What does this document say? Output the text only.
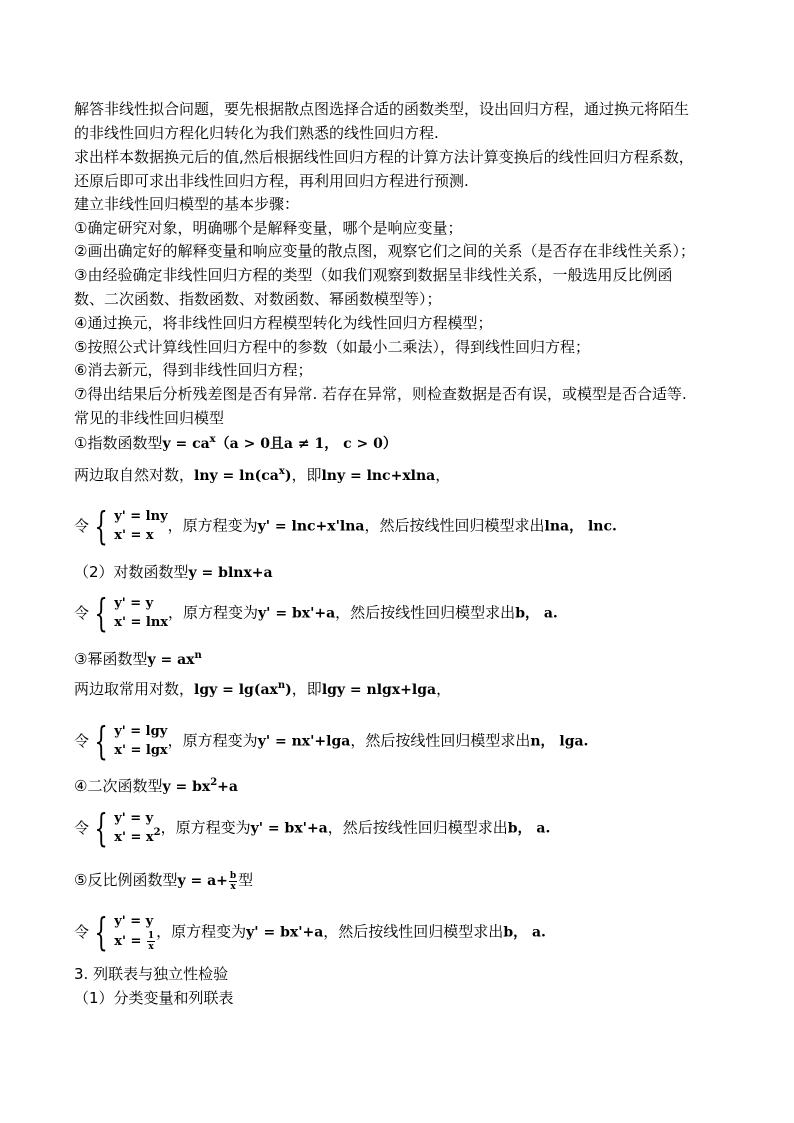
解答非线性拟合问题，要先根据散点图选择合适的函数类型，设出回归方程，通过换元将陌生
的非线性回归方程化归转化为我们熟悉的线性回归方程.
求出样本数据换元后的值,然后根据线性回归方程的计算方法计算变换后的线性回归方程系数，
还原后即可求出非线性回归方程，再利用回归方程进行预测.
建立非线性回归模型的基本步骤：
①确定研究对象，明确哪个是解释变量，哪个是响应变量；
②画出确定好的解释变量和响应变量的散点图，观察它们之间的关系（是否存在非线性关系）；
③由经验确定非线性回归方程的类型（如我们观察到数据呈非线性关系，一般选用反比例函
数、二次函数、指数函数、对数函数、幂函数模型等）；
④通过换元，将非线性回归方程模型转化为线性回归方程模型；
⑤按照公式计算线性回归方程中的参数（如最小二乘法），得到线性回归方程；
⑥消去新元，得到非线性回归方程；
⑦得出结果后分析残差图是否有异常. 若存在异常，则检查数据是否有误，或模型是否合适等.
常见的非线性回归模型
①指数函数型$y = ca^x(a > 0$且a ≠ 1， c > 0）
两边取自然对数，$\ln y = \ln(ca^x)$，即lny = lnc+xlna，
令 { y' = lny
x' = x
，原方程变为y' = lnc+x'lna，然后按线性回归模型求出lna， lnc.
（2）对数函数型y = blnx+a
令 { y' = y
x' = lnx
，原方程变为y' = bx'+a，然后按线性回归模型求出b， a.
③幂函数型$y = ax^n$
两边取常用对数，$\lg y = \lg(ax^n)$，即lgy = nlgx+lga，
令 { y' = lgy
x' = lgx
，原方程变为y' = nx'+lga，然后按线性回归模型求出n， lga.
④二次函数型$y = bx^2+a$
令 { y' = y
$x' = x^2$ ，原方程变为y' = bx'+a，然后按线性回归模型求出b， a.
⑤反比例函数型$y = a+ \frac{b}{x}$ 型
令 { y' = y
$x' = \frac{1}{x}$ ，原方程变为y' = bx'+a，然后按线性回归模型求出b， a.
3. 列联表与独立性检验
（1）分类变量和列联表
